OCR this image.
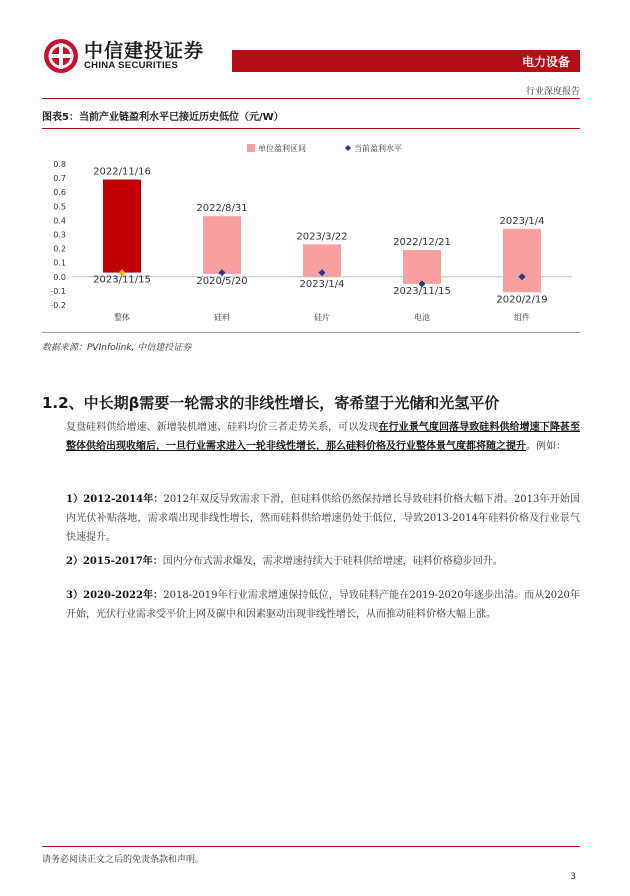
中信建投证券
CHINA SECURITIES	电力设备
行业深度报告
图表5：当前产业链盈利水平已接近历史低位（元/W）
单位盈利区间	当前盈利水平
0.8
0.7
0.6
0.5
0.4
0.3
0.2
0.1
0.0
-0.1
-0.2
2022/11/16
2023/11/15
2022/8/31
2020/5/20
2023/3/22
2023/1/4
2022/12/21
2023/11/15
2023/1/4
2020/2/19
整体	硅料	硅片	电池	组件
数据来源：PVInfolink, 中信建投证券
1.2、中长期β需要一轮需求的非线性增长，寄希望于光储和光氢平价
复盘硅料供给增速、新增装机增速、硅料均价三者走势关系，可以发现在行业景气度回落导致硅料供给增速下降甚至整体供给出现收缩后，一旦行业需求进入一轮非线性增长，那么硅料价格及行业整体景气度都将随之提升。例如：
1）2012-2014年：2012年双反导致需求下滑，但硅料供给仍然保持增长导致硅料价格大幅下滑。2013年开始国内光伏补贴落地，需求端出现非线性增长，然而硅料供给增速仍处于低位，导致2013-2014年硅料价格及行业景气快速提升。
2）2015-2017年：国内分布式需求爆发，需求增速持续大于硅料供给增速，硅料价格稳步回升。
3）2020-2022年：2018-2019年行业需求增速保持低位，导致硅料产能在2019-2020年逐步出清。而从2020年开始，光伏行业需求受平价上网及碳中和因素驱动出现非线性增长，从而推动硅料价格大幅上涨。
请务必阅读正文之后的免责条款和声明。
3
